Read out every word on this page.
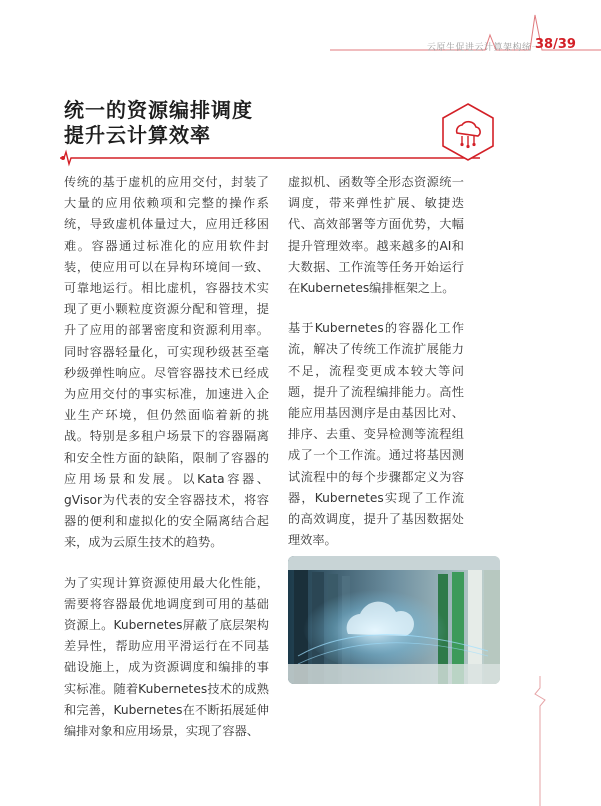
云原生促进云计算架构统一
38/39
统一的资源编排调度
提升云计算效率

传统的基于虚机的应用交付，封装了大量的应用依赖项和完整的操作系统，导致虚机体量过大，应用迁移困难。容器通过标准化的应用软件封装，使应用可以在异构环境间一致、可靠地运行。相比虚机，容器技术实现了更小颗粒度资源分配和管理，提升了应用的部署密度和资源利用率。同时容器轻量化，可实现秒级甚至毫秒级弹性响应。尽管容器技术已经成为应用交付的事实标准，加速进入企业生产环境，但仍然面临着新的挑战。特别是多租户场景下的容器隔离和安全性方面的缺陷，限制了容器的应用场景和发展。以Kata容器、gVisor为代表的安全容器技术，将容器的便利和虚拟化的安全隔离结合起来，成为云原生技术的趋势。

为了实现计算资源使用最大化性能，需要将容器最优地调度到可用的基础资源上。Kubernetes屏蔽了底层架构差异性，帮助应用平滑运行在不同基础设施上，成为资源调度和编排的事实标准。随着Kubernetes技术的成熟和完善，Kubernetes在不断拓展延伸编排对象和应用场景，实现了容器、

虚拟机、函数等全形态资源统一调度，带来弹性扩展、敏捷迭代、高效部署等方面优势，大幅提升管理效率。越来越多的AI和大数据、工作流等任务开始运行在Kubernetes编排框架之上。

基于Kubernetes的容器化工作流，解决了传统工作流扩展能力不足，流程变更成本较大等问题，提升了流程编排能力。高性能应用基因测序是由基因比对、排序、去重、变异检测等流程组成了一个工作流。通过将基因测试流程中的每个步骤都定义为容器，Kubernetes实现了工作流的高效调度，提升了基因数据处理效率。
